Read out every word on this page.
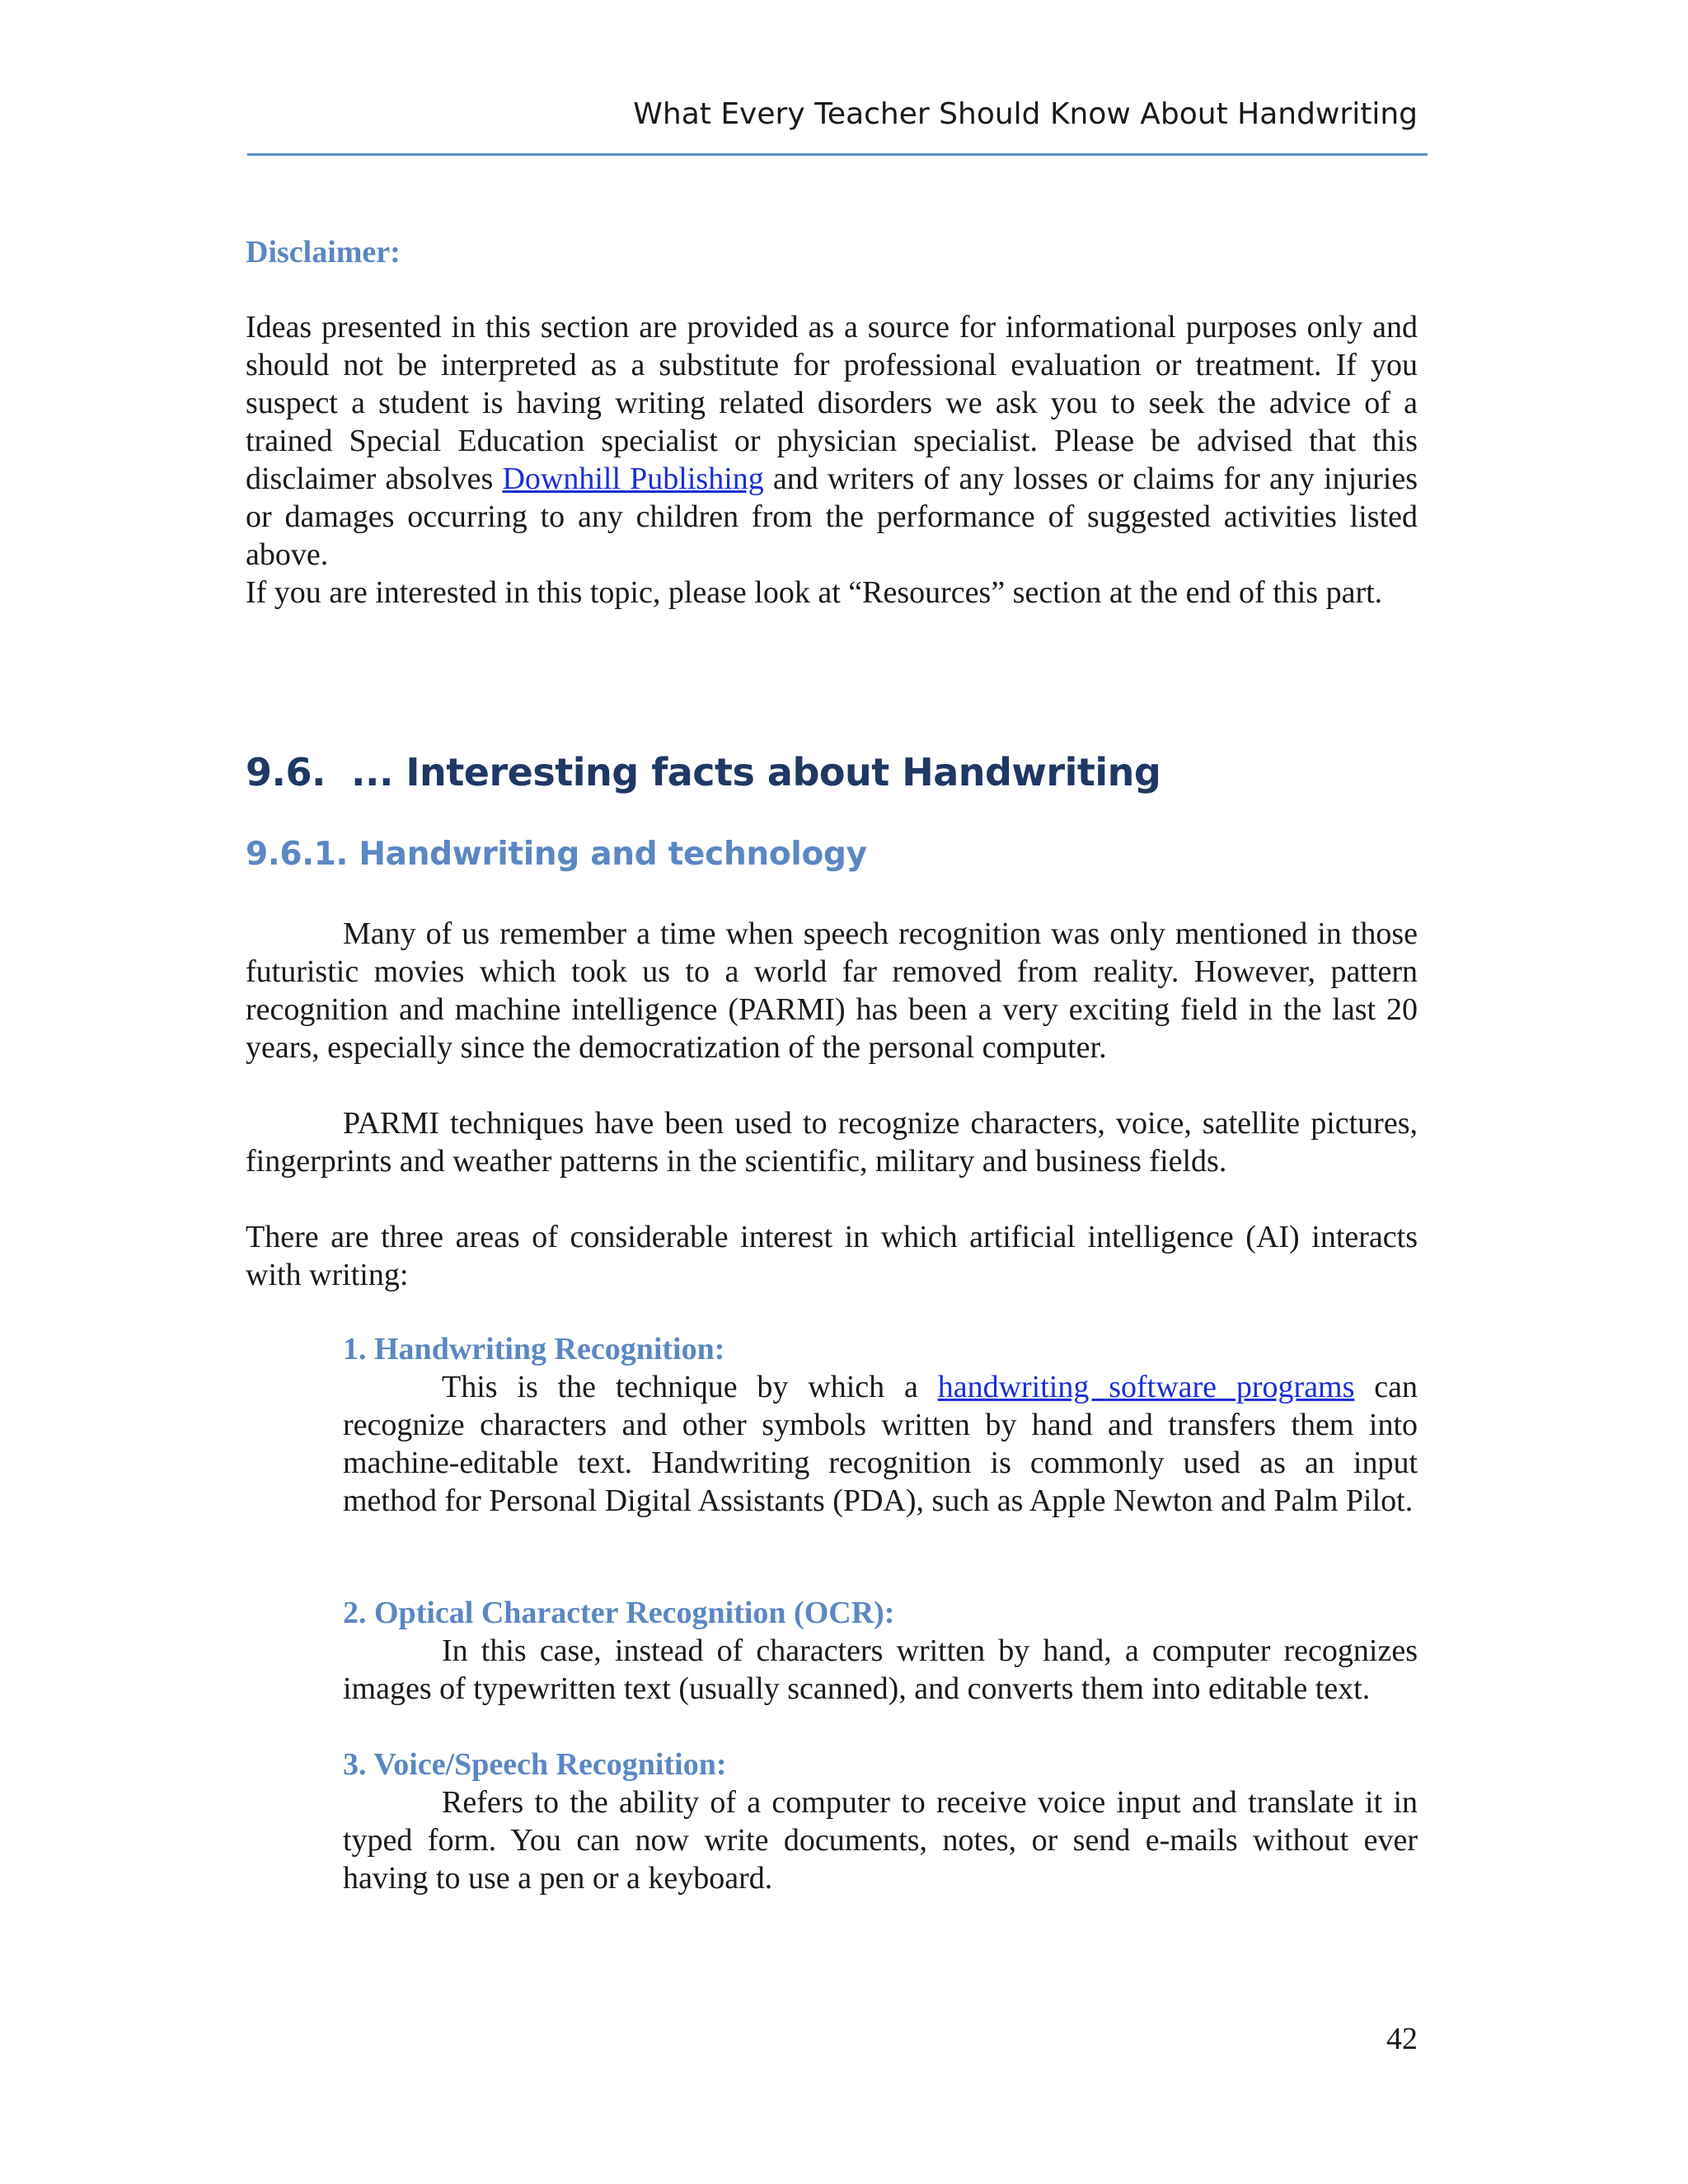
What Every Teacher Should Know About Handwriting
Disclaimer:

Ideas presented in this section are provided as a source for informational purposes only and should not be interpreted as a substitute for professional evaluation or treatment. If you suspect a student is having writing related disorders we ask you to seek the advice of a trained Special Education specialist or physician specialist. Please be advised that this disclaimer absolves Downhill Publishing and writers of any losses or claims for any injuries or damages occurring to any children from the performance of suggested activities listed above.

If you are interested in this topic, please look at “Resources” section at the end of this part.

9.6.  ... Interesting facts about Handwriting
9.6.1. Handwriting and technology

Many of us remember a time when speech recognition was only mentioned in those futuristic movies which took us to a world far removed from reality. However, pattern recognition and machine intelligence (PARMI) has been a very exciting field in the last 20 years, especially since the democratization of the personal computer.

PARMI techniques have been used to recognize characters, voice, satellite pictures, fingerprints and weather patterns in the scientific, military and business fields.

There are three areas of considerable interest in which artificial intelligence (AI) interacts with writing:

1. Handwriting Recognition:

This is the technique by which a handwriting software programs can recognize characters and other symbols written by hand and transfers them into machine-editable text. Handwriting recognition is commonly used as an input method for Personal Digital Assistants (PDA), such as Apple Newton and Palm Pilot.

2. Optical Character Recognition (OCR):

In this case, instead of characters written by hand, a computer recognizes images of typewritten text (usually scanned), and converts them into editable text.

3. Voice/Speech Recognition:

Refers to the ability of a computer to receive voice input and translate it in typed form. You can now write documents, notes, or send e-mails without ever having to use a pen or a keyboard.

42
